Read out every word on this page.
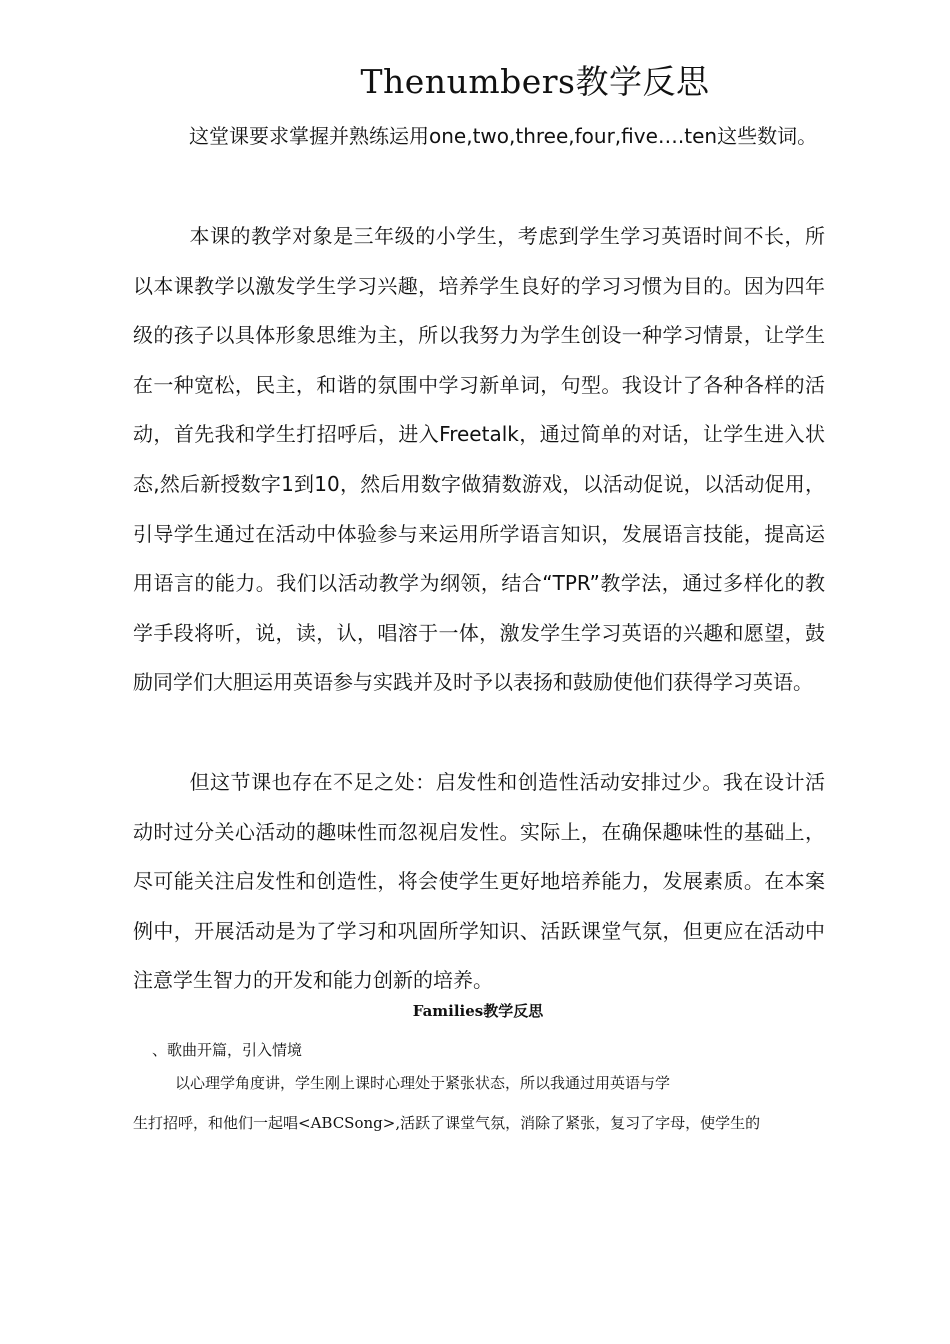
Thenumbers教学反思

这堂课要求掌握并熟练运用one,two,three,four,five….ten这些数词。

本课的教学对象是三年级的小学生，考虑到学生学习英语时间不长，所以本课教学以激发学生学习兴趣，培养学生良好的学习习惯为目的。因为四年级的孩子以具体形象思维为主，所以我努力为学生创设一种学习情景，让学生在一种宽松，民主，和谐的氛围中学习新单词，句型。我设计了各种各样的活动，首先我和学生打招呼后，进入Freetalk，通过简单的对话，让学生进入状态,然后新授数字1到10，然后用数字做猜数游戏，以活动促说，以活动促用，引导学生通过在活动中体验参与来运用所学语言知识，发展语言技能，提高运用语言的能力。我们以活动教学为纲领，结合“TPR”教学法，通过多样化的教学手段将听，说，读，认，唱溶于一体，激发学生学习英语的兴趣和愿望，鼓励同学们大胆运用英语参与实践并及时予以表扬和鼓励使他们获得学习英语。

但这节课也存在不足之处：启发性和创造性活动安排过少。我在设计活动时过分关心活动的趣味性而忽视启发性。实际上，在确保趣味性的基础上，尽可能关注启发性和创造性，将会使学生更好地培养能力，发展素质。在本案例中，开展活动是为了学习和巩固所学知识、活跃课堂气氛，但更应在活动中注意学生智力的开发和能力创新的培养。

Families教学反思

、歌曲开篇，引入情境

以心理学角度讲，学生刚上课时心理处于紧张状态，所以我通过用英语与学

生打招呼，和他们一起唱<ABCSong>,活跃了课堂气氛，消除了紧张，复习了字母，使学生的
